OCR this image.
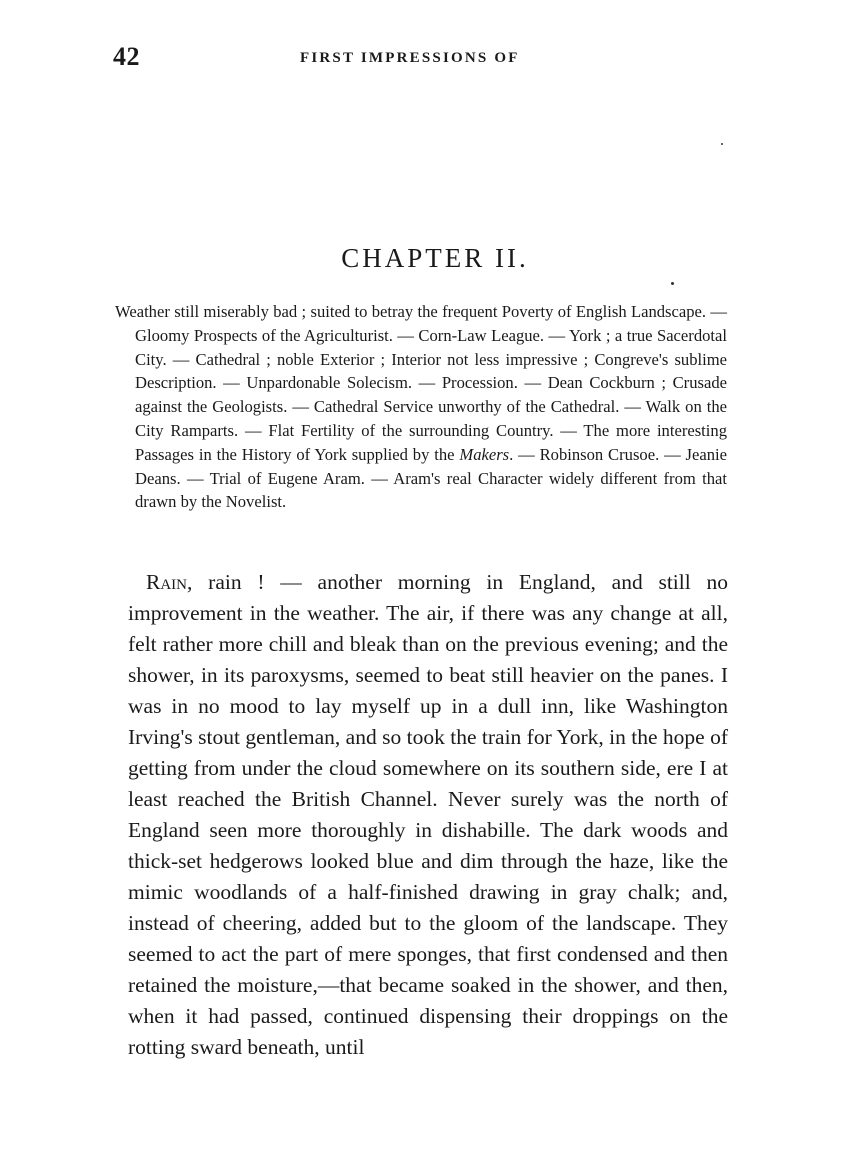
42	FIRST IMPRESSIONS OF
CHAPTER II.

Weather still miserably bad ; suited to betray the frequent Poverty of English Landscape. — Gloomy Prospects of the Agriculturist. — Corn-Law League. — York ; a true Sacerdotal City. — Cathedral ; noble Exterior ; Interior not less impressive ; Congreve's sublime Description. — Unpardonable Solecism. — Procession. — Dean Cockburn ; Crusade against the Geologists. — Cathedral Service unworthy of the Cathedral. — Walk on the City Ramparts. — Flat Fertility of the surrounding Country. — The more interesting Passages in the History of York supplied by the Makers. — Robinson Crusoe. — Jeanie Deans. — Trial of Eugene Aram. — Aram's real Character widely different from that drawn by the Novelist.

Rain, rain ! — another morning in England, and still no improvement in the weather. The air, if there was any change at all, felt rather more chill and bleak than on the previous evening; and the shower, in its paroxysms, seemed to beat still heavier on the panes. I was in no mood to lay myself up in a dull inn, like Washington Irving's stout gentleman, and so took the train for York, in the hope of getting from under the cloud somewhere on its southern side, ere I at least reached the British Channel. Never surely was the north of England seen more thoroughly in dishabille. The dark woods and thick-set hedgerows looked blue and dim through the haze, like the mimic woodlands of a half-finished drawing in gray chalk; and, instead of cheering, added but to the gloom of the landscape. They seemed to act the part of mere sponges, that first condensed and then retained the moisture,—that became soaked in the shower, and then, when it had passed, continued dispensing their droppings on the rotting sward beneath, until
